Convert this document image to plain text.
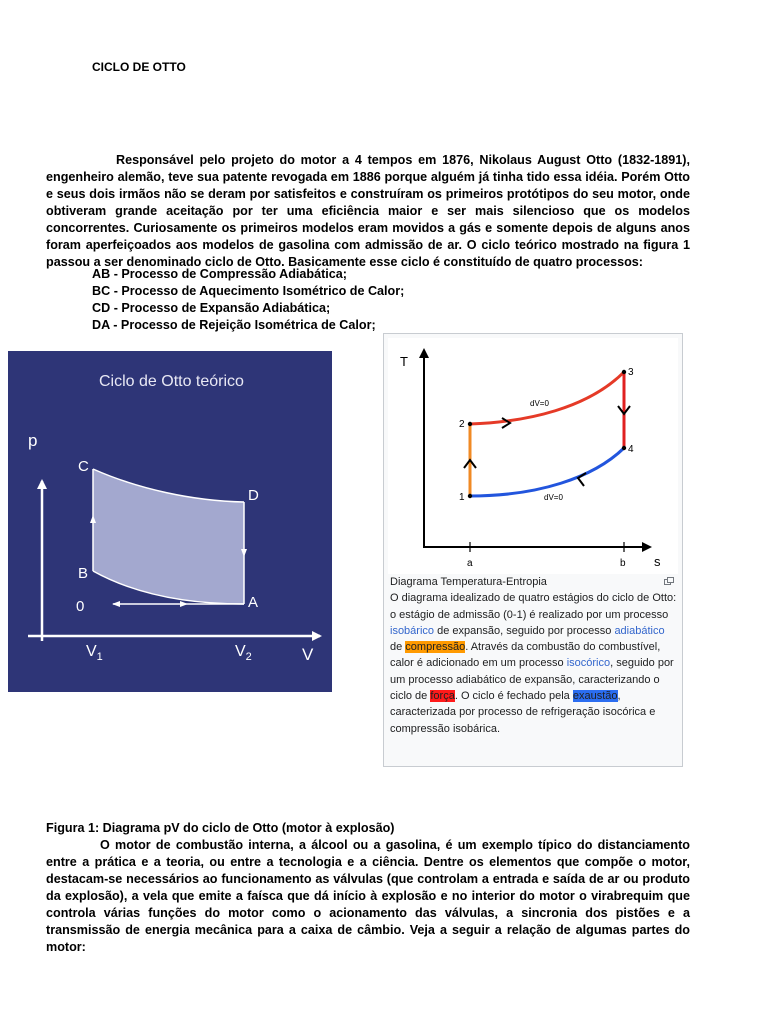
CICLO DE OTTO
Responsável pelo projeto do motor a 4 tempos em 1876, Nikolaus August Otto (1832-1891), engenheiro alemão, teve sua patente revogada em 1886 porque alguém já tinha tido essa idéia. Porém Otto e seus dois irmãos não se deram por satisfeitos e construíram os primeiros protótipos do seu motor, onde obtiveram grande aceitação por ter uma eficiência maior e ser mais silencioso que os modelos concorrentes. Curiosamente os primeiros modelos eram movidos a gás e somente depois de alguns anos foram aperfeiçoados aos modelos de gasolina com admissão de ar. O ciclo teórico mostrado na figura 1 passou a ser denominado ciclo de Otto. Basicamente esse ciclo é constituído de quatro processos:
AB - Processo de Compressão Adiabática;
BC - Processo de Aquecimento Isométrico de Calor;
CD - Processo de Expansão Adiabática;
DA - Processo de Rejeição Isométrica de Calor;
Ciclo de Otto teórico
p
V
C
D
B
A
0
$V_1$	$V_2$
T
s
a	b
1
2
3
4
dV=0
dV=0
Diagrama Temperatura-Entropia
O diagrama idealizado de quatro estágios do ciclo de Otto:
o estágio de admissão (0-1) é realizado por um processo isobárico de expansão, seguido por processo adiabático de compressão. Através da combustão do combustível, calor é adicionado em um processo isocórico, seguido por um processo adiabático de expansão, caracterizando o ciclo de força. O ciclo é fechado pela exaustão, caracterizada por processo de refrigeração isocórica e compressão isobárica.
Figura 1: Diagrama pV do ciclo de Otto (motor à explosão)
O motor de combustão interna, a álcool ou a gasolina, é um exemplo típico do distanciamento entre a prática e a teoria, ou entre a tecnologia e a ciência. Dentre os elementos que compõe o motor, destacam-se necessários ao funcionamento as válvulas (que controlam a entrada e saída de ar ou produto da explosão), a vela que emite a faísca que dá início à explosão e no interior do motor o virabrequim que controla várias funções do motor como o acionamento das válvulas, a sincronia dos pistões e a transmissão de energia mecânica para a caixa de câmbio. Veja a seguir a relação de algumas partes do motor:
